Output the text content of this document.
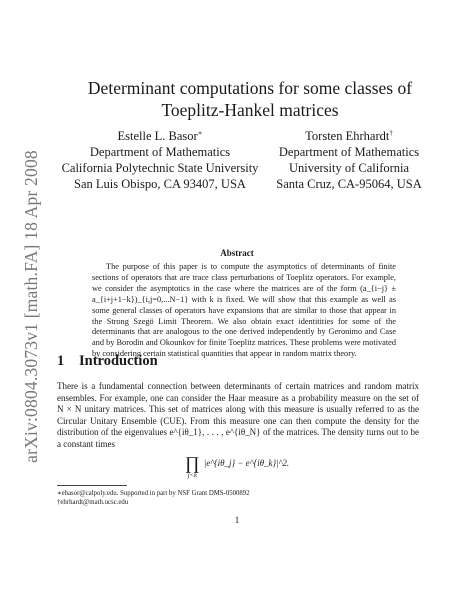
arXiv:0804.3073v1 [math.FA] 18 Apr 2008
Determinant computations for some classes of
Toeplitz-Hankel matrices
Estelle L. Basor∗
Department of Mathematics
California Polytechnic State University
San Luis Obispo, CA 93407, USA
Torsten Ehrhardt†
Department of Mathematics
University of California
Santa Cruz, CA-95064, USA
Abstract

The purpose of this paper is to compute the asymptotics of determinants of finite sections of operators that are trace class perturbations of Toeplitz operators. For example, we consider the asymptotics in the case where the matrices are of the form (a_{i−j} ± a_{i+j+1−k})_{i,j=0,...N−1} with k is fixed. We will show that this example as well as some general classes of operators have expansions that are similar to those that appear in the Strong Szegö Limit Theorem. We also obtain exact identitities for some of the determinants that are analogous to the one derived independently by Geronimo and Case and by Borodin and Okounkov for finite Toeplitz matrices. These problems were motivated by considering certain statistical quantities that appear in random matrix theory.

1 Introduction

There is a fundamental connection between determinants of certain matrices and random matrix ensembles. For example, one can consider the Haar measure as a probability measure on the set of N × N unitary matrices. This set of matrices along with this measure is usually referred to as the Circular Unitary Ensemble (CUE). From this measure one can then compute the density for the distribution of the eigenvalues e^{iθ_1}, . . . , e^{iθ_N} of the matrices. The density turns out to be a constant times

∏
j<k
|e^{iθ_j} − e^{iθ_k}|^2.
∗ebasor@calpoly.edu. Supported in part by NSF Grant DMS-0500892
†ehrhardt@math.ucsc.edu
1
